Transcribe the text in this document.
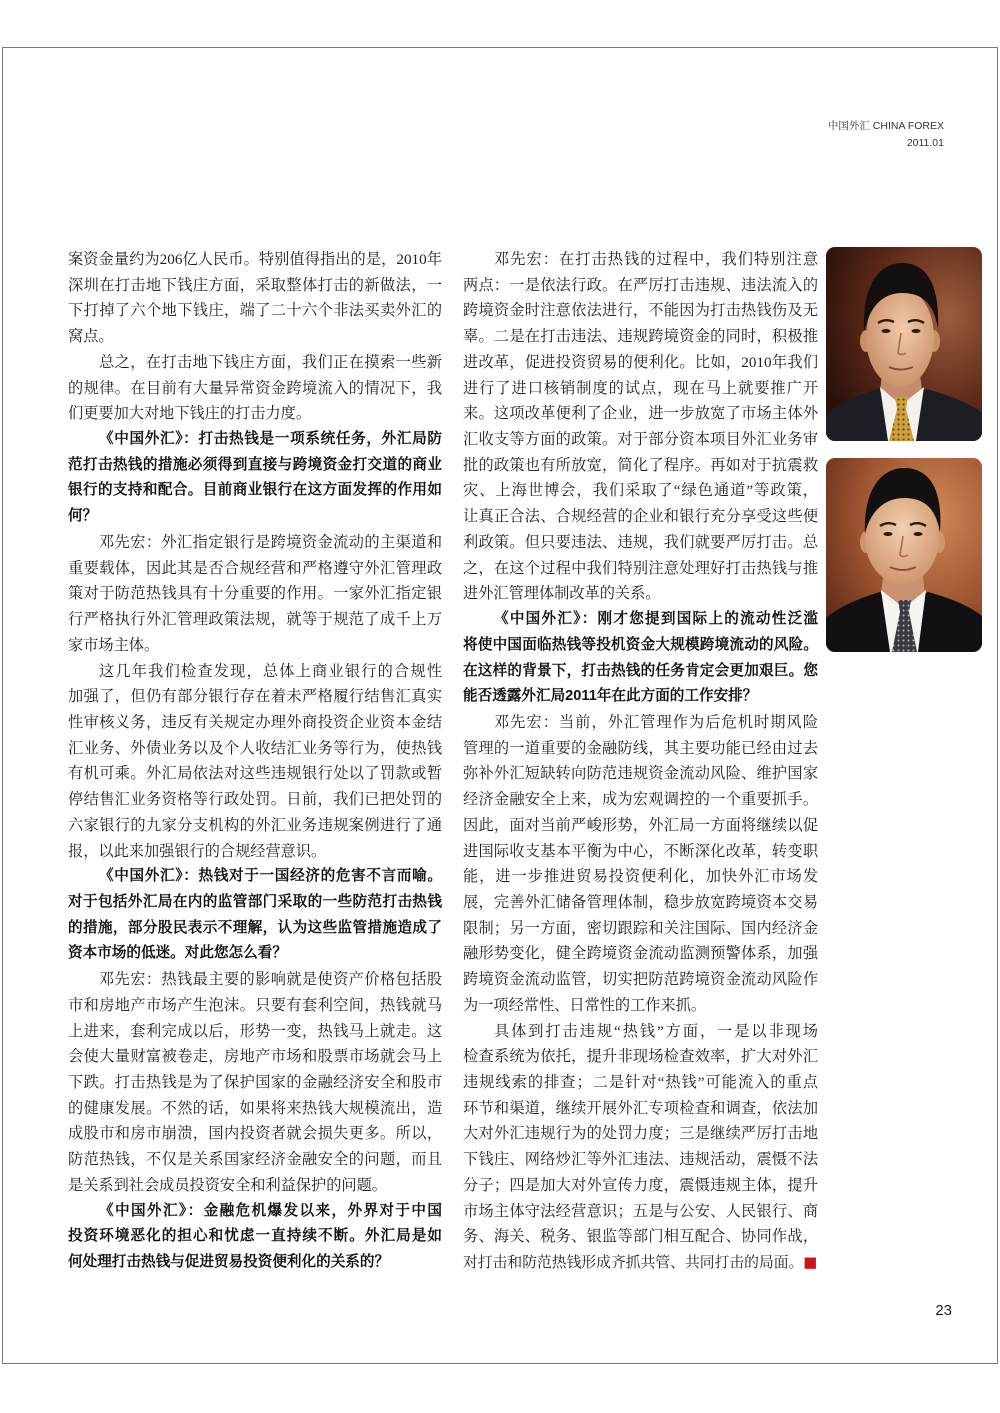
中国外汇 CHINA FOREX
2011.01
案资金量约为206亿人民币。特别值得指出的是，2010年
深圳在打击地下钱庄方面，采取整体打击的新做法，一
下打掉了六个地下钱庄，端了二十六个非法买卖外汇的
窝点。
总之，在打击地下钱庄方面，我们正在摸索一些新
的规律。在目前有大量异常资金跨境流入的情况下，我
们更要加大对地下钱庄的打击力度。
《中国外汇》：打击热钱是一项系统任务，外汇局防
范打击热钱的措施必须得到直接与跨境资金打交道的商业
银行的支持和配合。目前商业银行在这方面发挥的作用如
何？
邓先宏：外汇指定银行是跨境资金流动的主渠道和
重要载体，因此其是否合规经营和严格遵守外汇管理政
策对于防范热钱具有十分重要的作用。一家外汇指定银
行严格执行外汇管理政策法规，就等于规范了成千上万
家市场主体。
这几年我们检查发现，总体上商业银行的合规性
加强了，但仍有部分银行存在着未严格履行结售汇真实
性审核义务，违反有关规定办理外商投资企业资本金结
汇业务、外债业务以及个人收结汇业务等行为，使热钱
有机可乘。外汇局依法对这些违规银行处以了罚款或暂
停结售汇业务资格等行政处罚。日前，我们已把处罚的
六家银行的九家分支机构的外汇业务违规案例进行了通
报，以此来加强银行的合规经营意识。
《中国外汇》：热钱对于一国经济的危害不言而喻。
对于包括外汇局在内的监管部门采取的一些防范打击热钱
的措施，部分股民表示不理解，认为这些监管措施造成了
资本市场的低迷。对此您怎么看？
邓先宏：热钱最主要的影响就是使资产价格包括股
市和房地产市场产生泡沫。只要有套利空间，热钱就马
上进来，套利完成以后，形势一变，热钱马上就走。这
会使大量财富被卷走，房地产市场和股票市场就会马上
下跌。打击热钱是为了保护国家的金融经济安全和股市
的健康发展。不然的话，如果将来热钱大规模流出，造
成股市和房市崩溃，国内投资者就会损失更多。所以，
防范热钱，不仅是关系国家经济金融安全的问题，而且
是关系到社会成员投资安全和利益保护的问题。
《中国外汇》：金融危机爆发以来，外界对于中国
投资环境恶化的担心和忧虑一直持续不断。外汇局是如
何处理打击热钱与促进贸易投资便利化的关系的？
邓先宏：在打击热钱的过程中，我们特别注意
两点：一是依法行政。在严厉打击违规、违法流入的
跨境资金时注意依法进行，不能因为打击热钱伤及无
辜。二是在打击违法、违规跨境资金的同时，积极推
进改革，促进投资贸易的便利化。比如，2010年我们
进行了进口核销制度的试点，现在马上就要推广开
来。这项改革便利了企业，进一步放宽了市场主体外
汇收支等方面的政策。对于部分资本项目外汇业务审
批的政策也有所放宽，简化了程序。再如对于抗震救
灾、上海世博会，我们采取了“绿色通道”等政策，
让真正合法、合规经营的企业和银行充分享受这些便
利政策。但只要违法、违规，我们就要严厉打击。总
之，在这个过程中我们特别注意处理好打击热钱与推
进外汇管理体制改革的关系。
《中国外汇》：刚才您提到国际上的流动性泛滥
将使中国面临热钱等投机资金大规模跨境流动的风险。
在这样的背景下，打击热钱的任务肯定会更加艰巨。您
能否透露外汇局2011年在此方面的工作安排？
邓先宏：当前，外汇管理作为后危机时期风险
管理的一道重要的金融防线，其主要功能已经由过去
弥补外汇短缺转向防范违规资金流动风险、维护国家
经济金融安全上来，成为宏观调控的一个重要抓手。
因此，面对当前严峻形势，外汇局一方面将继续以促
进国际收支基本平衡为中心，不断深化改革，转变职
能，进一步推进贸易投资便利化，加快外汇市场发
展，完善外汇储备管理体制，稳步放宽跨境资本交易
限制；另一方面，密切跟踪和关注国际、国内经济金
融形势变化，健全跨境资金流动监测预警体系，加强
跨境资金流动监管，切实把防范跨境资金流动风险作
为一项经常性、日常性的工作来抓。
具体到打击违规“热钱”方面，一是以非现场
检查系统为依托，提升非现场检查效率，扩大对外汇
违规线索的排查；二是针对“热钱”可能流入的重点
环节和渠道，继续开展外汇专项检查和调查，依法加
大对外汇违规行为的处罚力度；三是继续严厉打击地
下钱庄、网络炒汇等外汇违法、违规活动，震慑不法
分子；四是加大对外宣传力度，震慑违规主体，提升
市场主体守法经营意识；五是与公安、人民银行、商
务、海关、税务、银监等部门相互配合、协同作战，
对打击和防范热钱形成齐抓共管、共同打击的局面。■
23
